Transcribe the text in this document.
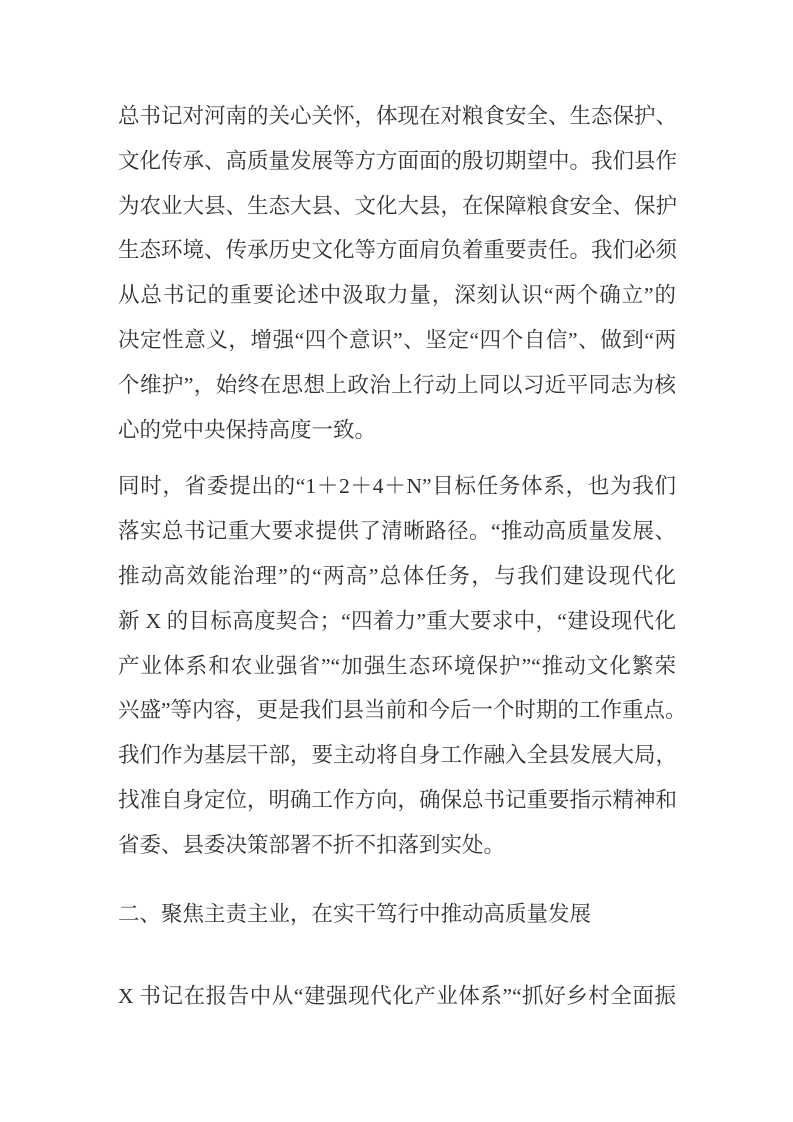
总书记对河南的关心关怀，体现在对粮食安全、生态保护、
文化传承、高质量发展等方方面面的殷切期望中。我们县作
为农业大县、生态大县、文化大县，在保障粮食安全、保护
生态环境、传承历史文化等方面肩负着重要责任。我们必须
从总书记的重要论述中汲取力量，深刻认识“两个确立”的
决定性意义，增强“四个意识”、坚定“四个自信”、做到“两
个维护”，始终在思想上政治上行动上同以习近平同志为核
心的党中央保持高度一致。
同时，省委提出的“1＋2＋4＋N”目标任务体系，也为我们
落实总书记重大要求提供了清晰路径。“推动高质量发展、
推动高效能治理”的“两高”总体任务，与我们建设现代化
新 X 的目标高度契合；“四着力”重大要求中，“建设现代化
产业体系和农业强省”“加强生态环境保护”“推动文化繁荣
兴盛”等内容，更是我们县当前和今后一个时期的工作重点。
我们作为基层干部，要主动将自身工作融入全县发展大局，
找准自身定位，明确工作方向，确保总书记重要指示精神和
省委、县委决策部署不折不扣落到实处。
二、聚焦主责主业，在实干笃行中推动高质量发展
X 书记在报告中从“建强现代化产业体系”“抓好乡村全面振
